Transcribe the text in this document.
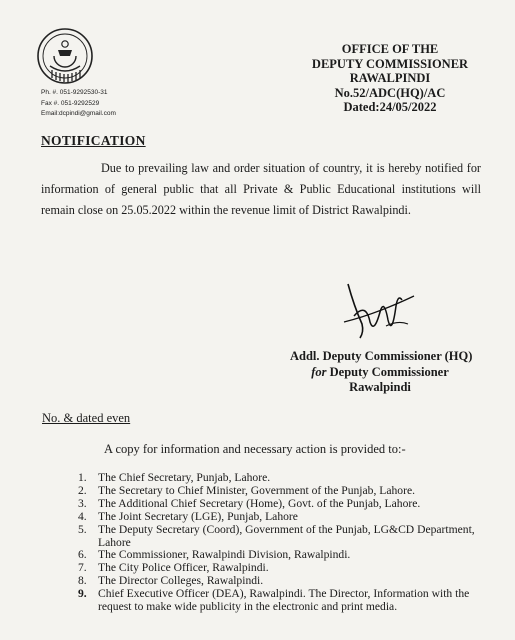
Ph. #. 051-9292530-31
Fax #. 051-9292529
Email:dcpindi@gmail.com
OFFICE OF THE
DEPUTY COMMISSIONER
RAWALPINDI
No.52/ADC(HQ)/AC
Dated:24/05/2022
NOTIFICATION
Due to prevailing law and order situation of country, it is hereby notified for information of general public that all Private & Public Educational institutions will remain close on 25.05.2022 within the revenue limit of District Rawalpindi.
Addl. Deputy Commissioner (HQ)
for Deputy Commissioner
Rawalpindi
No. & dated even
A copy for information and necessary action is provided to:-
1. The Chief Secretary, Punjab, Lahore.
2. The Secretary to Chief Minister, Government of the Punjab, Lahore.
3. The Additional Chief Secretary (Home), Govt. of the Punjab, Lahore.
4. The Joint Secretary (LGE), Punjab, Lahore
5. The Deputy Secretary (Coord), Government of the Punjab, LG&CD Department, Lahore
6. The Commissioner, Rawalpindi Division, Rawalpindi.
7. The City Police Officer, Rawalpindi.
8. The Director Colleges, Rawalpindi.
9. Chief Executive Officer (DEA), Rawalpindi. The Director, Information with the request to make wide publicity in the electronic and print media.
